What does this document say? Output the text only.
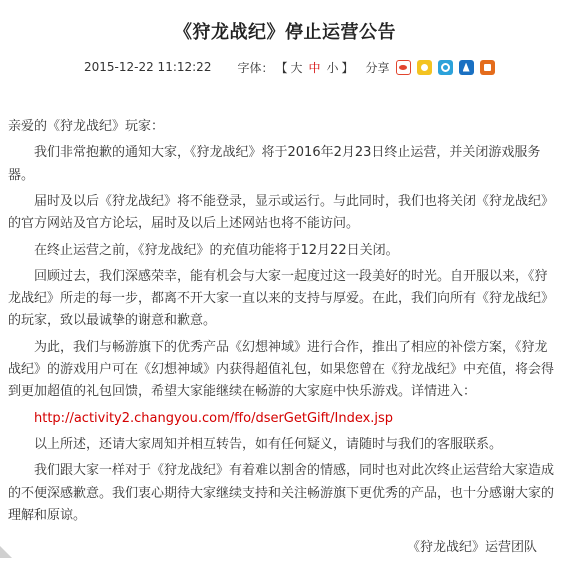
《狩龙战纪》停止运营公告
2015-12-22 11:12:22 字体： 【 大 中 小 】 分享

亲爱的《狩龙战纪》玩家：

我们非常抱歉的通知大家，《狩龙战纪》将于2016年2月23日终止运营，并关闭游戏服务器。

届时及以后《狩龙战纪》将不能登录，显示或运行。与此同时，我们也将关闭《狩龙战纪》的官方网站及官方论坛，届时及以后上述网站也将不能访问。

在终止运营之前，《狩龙战纪》的充值功能将于12月22日关闭。

回顾过去，我们深感荣幸，能有机会与大家一起度过这一段美好的时光。自开服以来，《狩龙战纪》所走的每一步，都离不开大家一直以来的支持与厚爱。在此，我们向所有《狩龙战纪》的玩家，致以最诚挚的谢意和歉意。

为此，我们与畅游旗下的优秀产品《幻想神域》进行合作，推出了相应的补偿方案，《狩龙战纪》的游戏用户可在《幻想神域》内获得超值礼包，如果您曾在《狩龙战纪》中充值，将会得到更加超值的礼包回馈，希望大家能继续在畅游的大家庭中快乐游戏。详情进入：

http://activity2.changyou.com/ffo/dserGetGift/Index.jsp

以上所述，还请大家周知并相互转告，如有任何疑义，请随时与我们的客服联系。

我们跟大家一样对于《狩龙战纪》有着难以割舍的情感，同时也对此次终止运营给大家造成的不便深感歉意。我们衷心期待大家继续支持和关注畅游旗下更优秀的产品，也十分感谢大家的理解和原谅。

《狩龙战纪》运营团队
